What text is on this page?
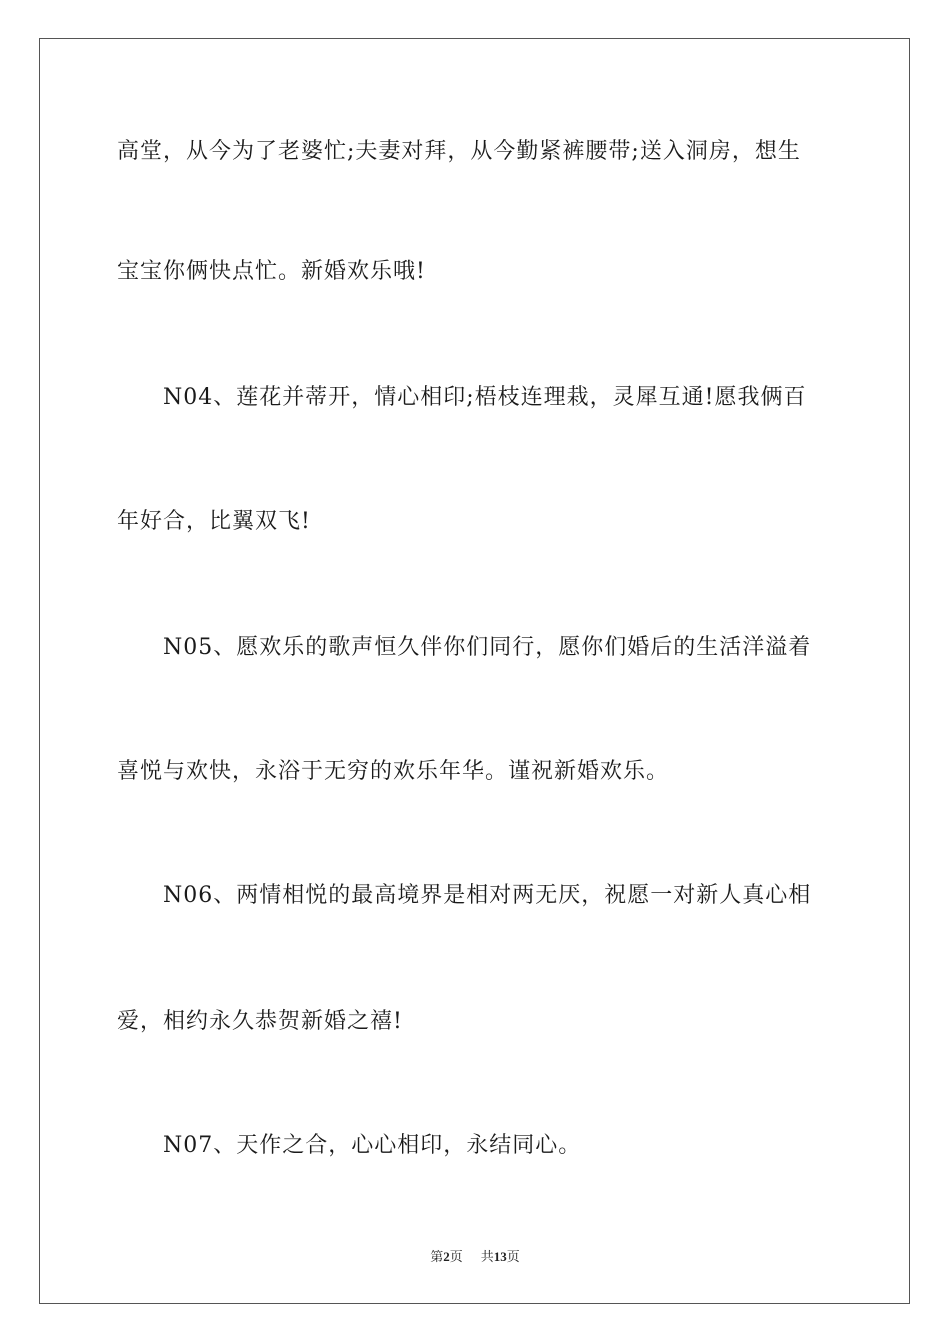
高堂，从今为了老婆忙;夫妻对拜，从今勤紧裤腰带;送入洞房，想生
宝宝你俩快点忙。新婚欢乐哦!
N04、莲花并蒂开，情心相印;梧枝连理栽，灵犀互通!愿我俩百
年好合，比翼双飞!
N05、愿欢乐的歌声恒久伴你们同行，愿你们婚后的生活洋溢着
喜悦与欢快，永浴于无穷的欢乐年华。谨祝新婚欢乐。
N06、两情相悦的最高境界是相对两无厌，祝愿一对新人真心相
爱，相约永久恭贺新婚之禧!
N07、天作之合，心心相印，永结同心。
第2页 共13页
